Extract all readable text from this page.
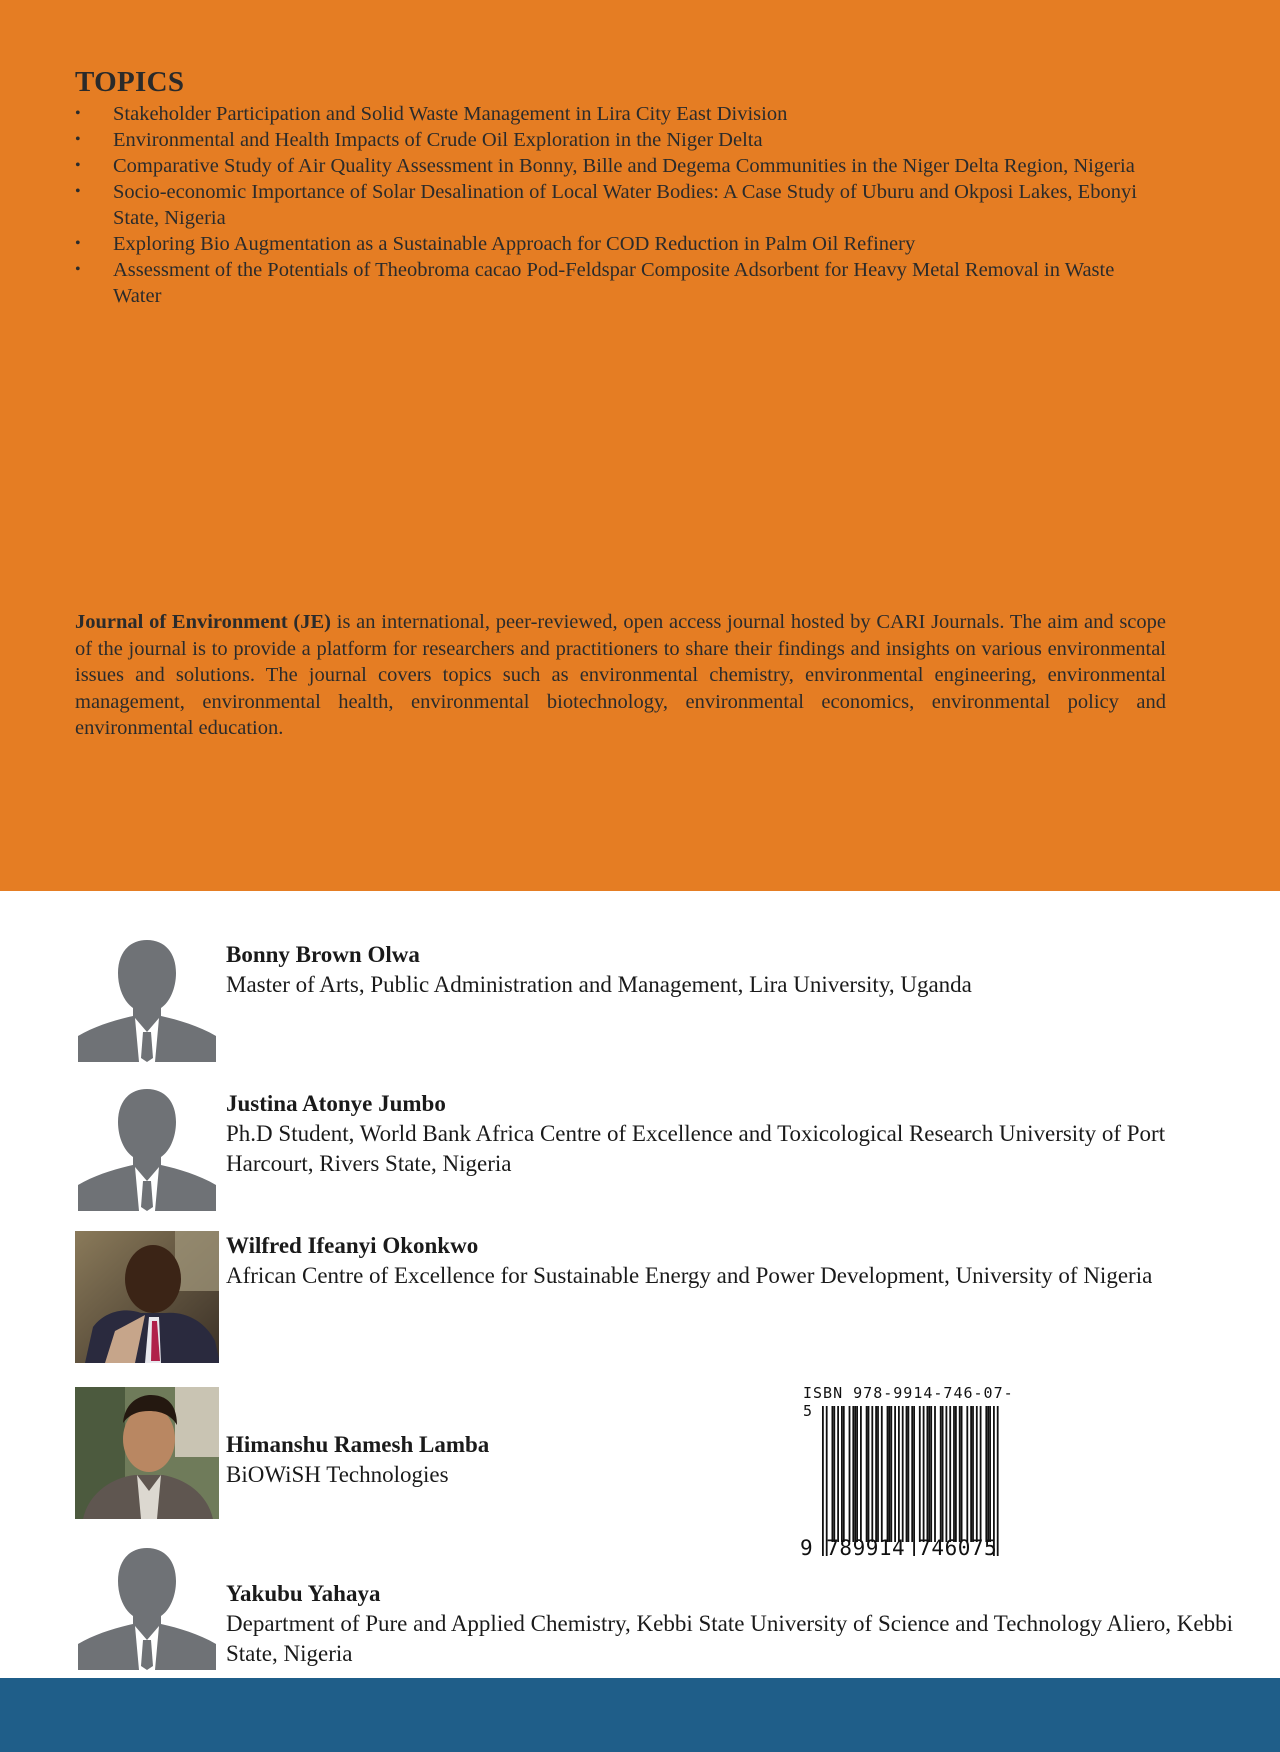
TOPICS
•	Stakeholder Participation and Solid Waste Management in Lira City East Division
•	Environmental and Health Impacts of Crude Oil Exploration in the Niger Delta
•	Comparative Study of Air Quality Assessment in Bonny, Bille and Degema Communities in the Niger Delta Region, Nigeria
•	Socio-economic Importance of Solar Desalination of Local Water Bodies: A Case Study of Uburu and Okposi Lakes, Ebonyi State, Nigeria
•	Exploring Bio Augmentation as a Sustainable Approach for COD Reduction in Palm Oil Refinery
•	Assessment of the Potentials of Theobroma cacao Pod-Feldspar Composite Adsorbent for Heavy Metal Removal in Waste Water

Journal of Environment (JE) is an international, peer-reviewed, open access journal hosted by CARI Journals. The aim and scope of the journal is to provide a platform for researchers and practitioners to share their findings and insights on various environmental issues and solutions. The journal covers topics such as environmental chemistry, environmental engineering, environmental management, environmental health, environmental biotechnology, environmental economics, environmental policy and environmental education.

Bonny Brown Olwa
Master of Arts, Public Administration and Management, Lira University, Uganda
Justina Atonye Jumbo
Ph.D Student, World Bank Africa Centre of Excellence and Toxicological Research University of Port Harcourt, Rivers State, Nigeria
Wilfred Ifeanyi Okonkwo
African Centre of Excellence for Sustainable Energy and Power Development, University of Nigeria
Himanshu Ramesh Lamba
BiOWiSH Technologies
Yakubu Yahaya
Department of Pure and Applied Chemistry, Kebbi State University of Science and Technology Aliero, Kebbi State, Nigeria
ISBN 978-9914-746-07-5
9 789914 746075
